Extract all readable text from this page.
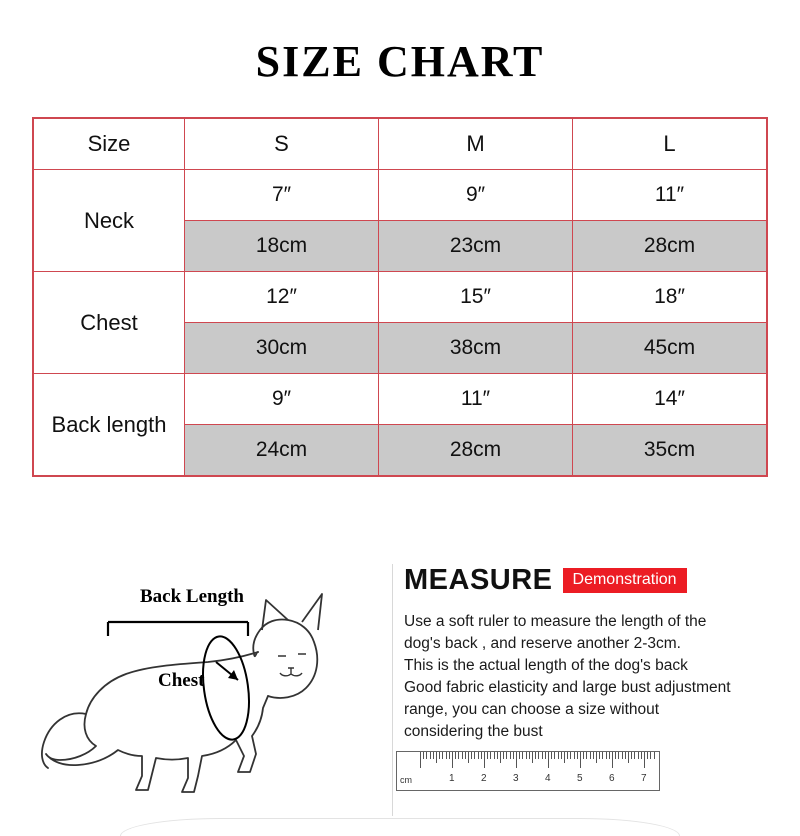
SIZE CHART
Size	S	M	L
Neck	7″	9″	11″
	18cm	23cm	28cm
Chest	12″	15″	18″
	30cm	38cm	45cm
Back length	9″	11″	14″
	24cm	28cm	35cm
Back Length
Chest
MEASURE	Demonstration

Use a soft ruler to measure the length of the

dog's back , and reserve another 2-3cm.

This is the actual length of the dog's back

Good fabric elasticity and large bust adjustment

range, you can choose a size without

considering the bust

cm	1	2	3	4	5	6	7
